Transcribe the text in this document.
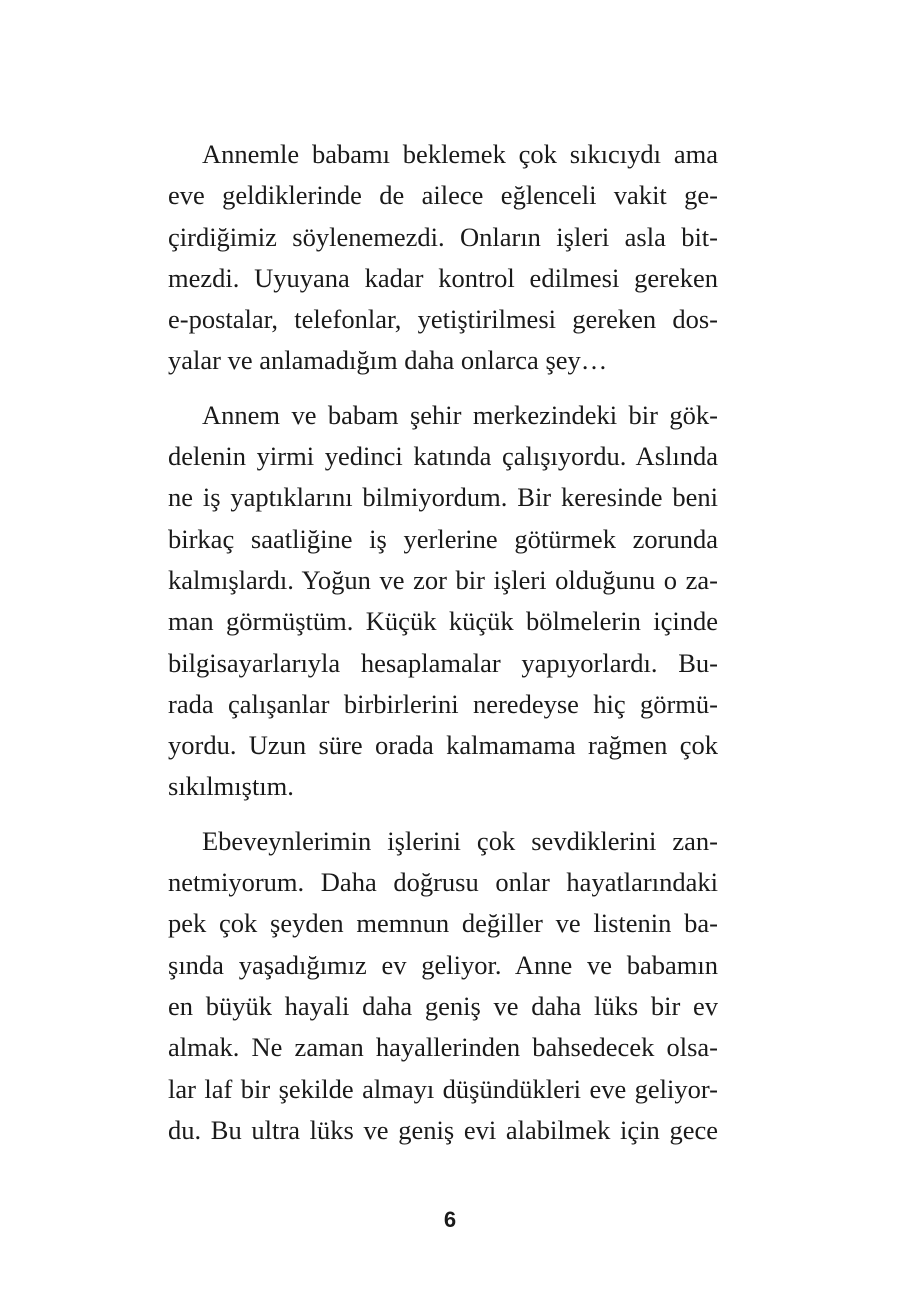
Annemle babamı beklemek çok sıkıcıydı ama
eve geldiklerinde de ailece eğlenceli vakit ge-
çirdiğimiz söylenemezdi. Onların işleri asla bit-
mezdi. Uyuyana kadar kontrol edilmesi gereken
e-postalar, telefonlar, yetiştirilmesi gereken dos-
yalar ve anlamadığım daha onlarca şey…

Annem ve babam şehir merkezindeki bir gök-
delenin yirmi yedinci katında çalışıyordu. Aslında
ne iş yaptıklarını bilmiyordum. Bir keresinde beni
birkaç saatliğine iş yerlerine götürmek zorunda
kalmışlardı. Yoğun ve zor bir işleri olduğunu o za-
man görmüştüm. Küçük küçük bölmelerin içinde
bilgisayarlarıyla hesaplamalar yapıyorlardı. Bu-
rada çalışanlar birbirlerini neredeyse hiç görmü-
yordu. Uzun süre orada kalmamama rağmen çok
sıkılmıştım.

Ebeveynlerimin işlerini çok sevdiklerini zan-
netmiyorum. Daha doğrusu onlar hayatlarındaki
pek çok şeyden memnun değiller ve listenin ba-
şında yaşadığımız ev geliyor. Anne ve babamın
en büyük hayali daha geniş ve daha lüks bir ev
almak. Ne zaman hayallerinden bahsedecek olsa-
lar laf bir şekilde almayı düşündükleri eve geliyor-
du. Bu ultra lüks ve geniş evi alabilmek için gece

6
